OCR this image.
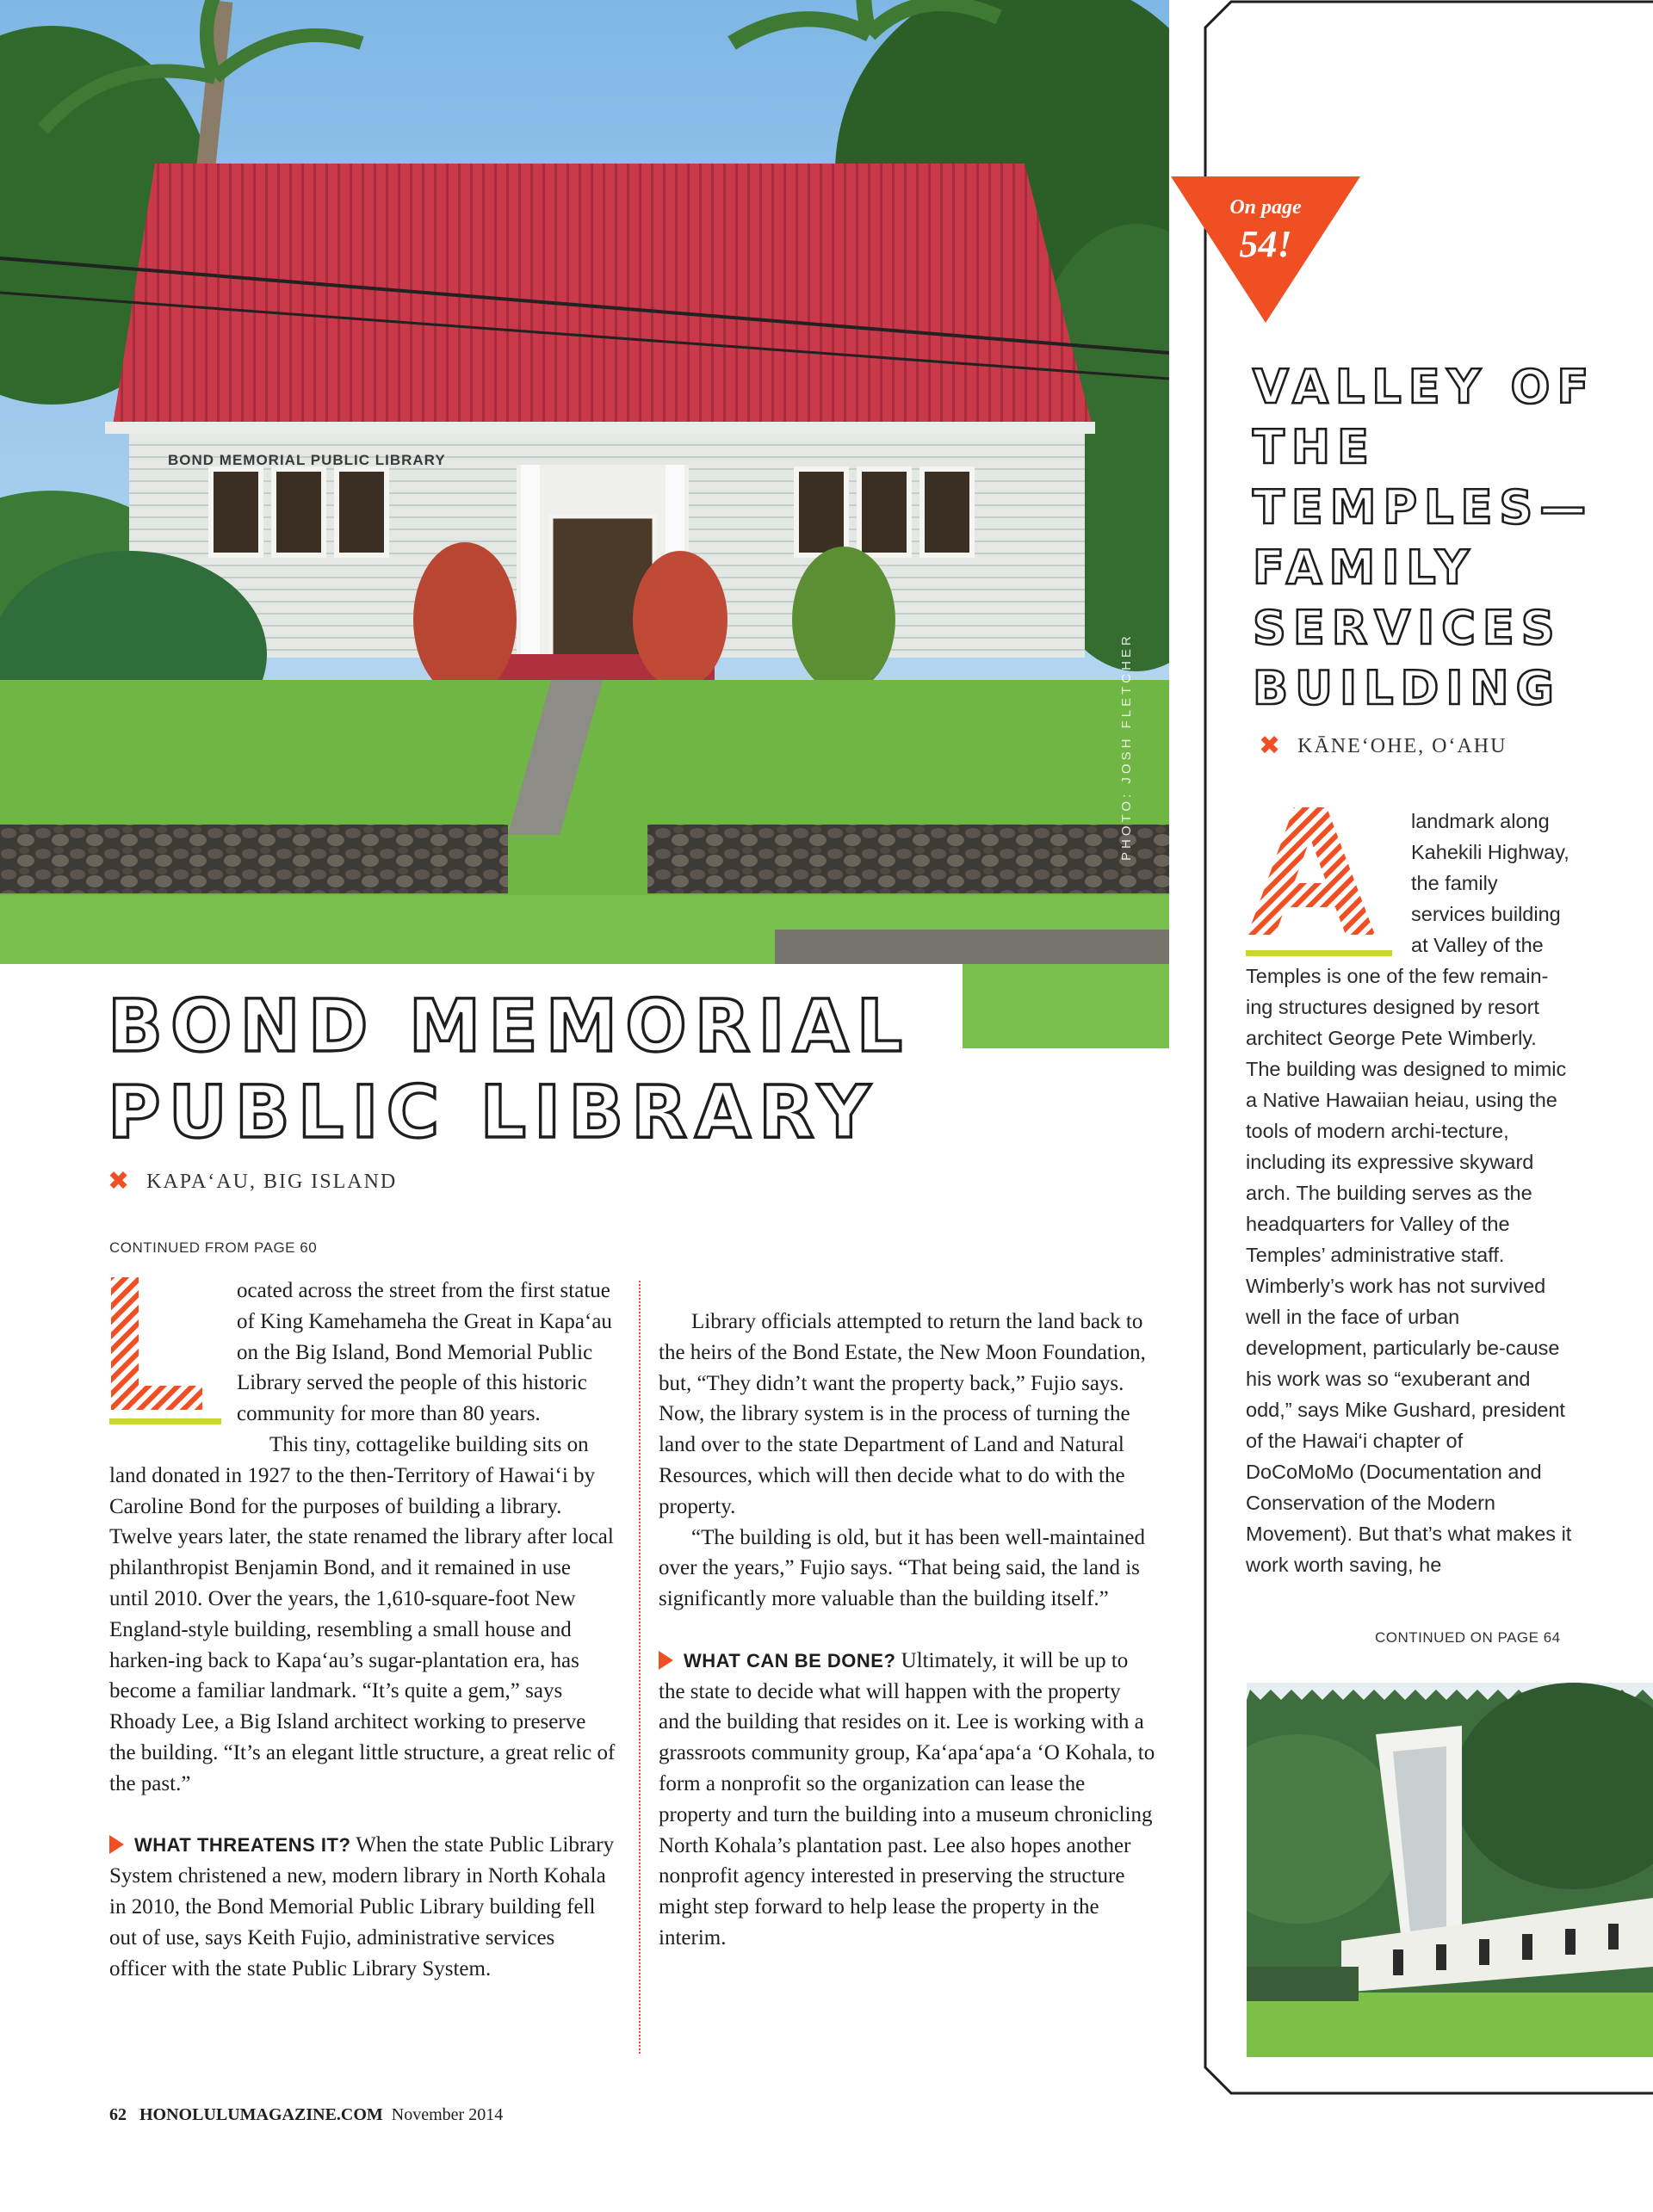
BOND MEMORIAL PUBLIC LIBRARY
PHOTO: JOSH FLETCHER
BOND MEMORIAL
PUBLIC LIBRARY
✖ KAPA‘AU, BIG ISLAND
CONTINUED FROM PAGE 60

ocated across the street from the first statue of King Kamehameha the Great in Kapa‘au on the Big Island, Bond Memorial Public Library served the people of this historic community for more than 80 years.

This tiny, cottagelike building sits on land donated in 1927 to the then-Territory of Hawai‘i by Caroline Bond for the purposes of building a library. Twelve years later, the state renamed the library after local philanthropist Benjamin Bond, and it remained in use until 2010. Over the years, the 1,610-square-foot New England-style building, resembling a small house and harken-ing back to Kapa‘au’s sugar-plantation era, has become a familiar landmark. “It’s quite a gem,” says Rhoady Lee, a Big Island architect working to preserve the building. “It’s an elegant little structure, a great relic of the past.”

WHAT THREATENS IT? When the state Public Library System christened a new, modern library in North Kohala in 2010, the Bond Memorial Public Library building fell out of use, says Keith Fujio, administrative services officer with the state Public Library System.

Library officials attempted to return the land back to the heirs of the Bond Estate, the New Moon Foundation, but, “They didn’t want the property back,” Fujio says. Now, the library system is in the process of turning the land over to the state Department of Land and Natural Resources, which will then decide what to do with the property.

“The building is old, but it has been well-maintained over the years,” Fujio says. “That being said, the land is significantly more valuable than the building itself.”

WHAT CAN BE DONE? Ultimately, it will be up to the state to decide what will happen with the property and the building that resides on it. Lee is working with a grassroots community group, Ka‘apa‘apa‘a ‘O Kohala, to form a nonprofit so the organization can lease the property and turn the building into a museum chronicling North Kohala’s plantation past. Lee also hopes another nonprofit agency interested in preserving the structure might step forward to help lease the property in the interim.

62 HONOLULUMAGAZINE.COM November 2014
On page
54!
VALLEY OF THE TEMPLES— FAMILY SERVICES BUILDING
✖ KĀNE‘OHE, O‘AHU

landmark along Kahekili Highway, the family services building at Valley of the Temples is one of the few remain-ing structures designed by resort architect George Pete Wimberly. The building was designed to mimic a Native Hawaiian heiau, using the tools of modern archi-tecture, including its expressive skyward arch. The building serves as the headquarters for Valley of the Temples’ administrative staff. Wimberly’s work has not survived well in the face of urban development, particularly be-cause his work was so “exuberant and odd,” says Mike Gushard, president of the Hawai‘i chapter of DoCoMoMo (Documentation and Conservation of the Modern Movement). But that’s what makes it work worth saving, he

CONTINUED ON PAGE 64
